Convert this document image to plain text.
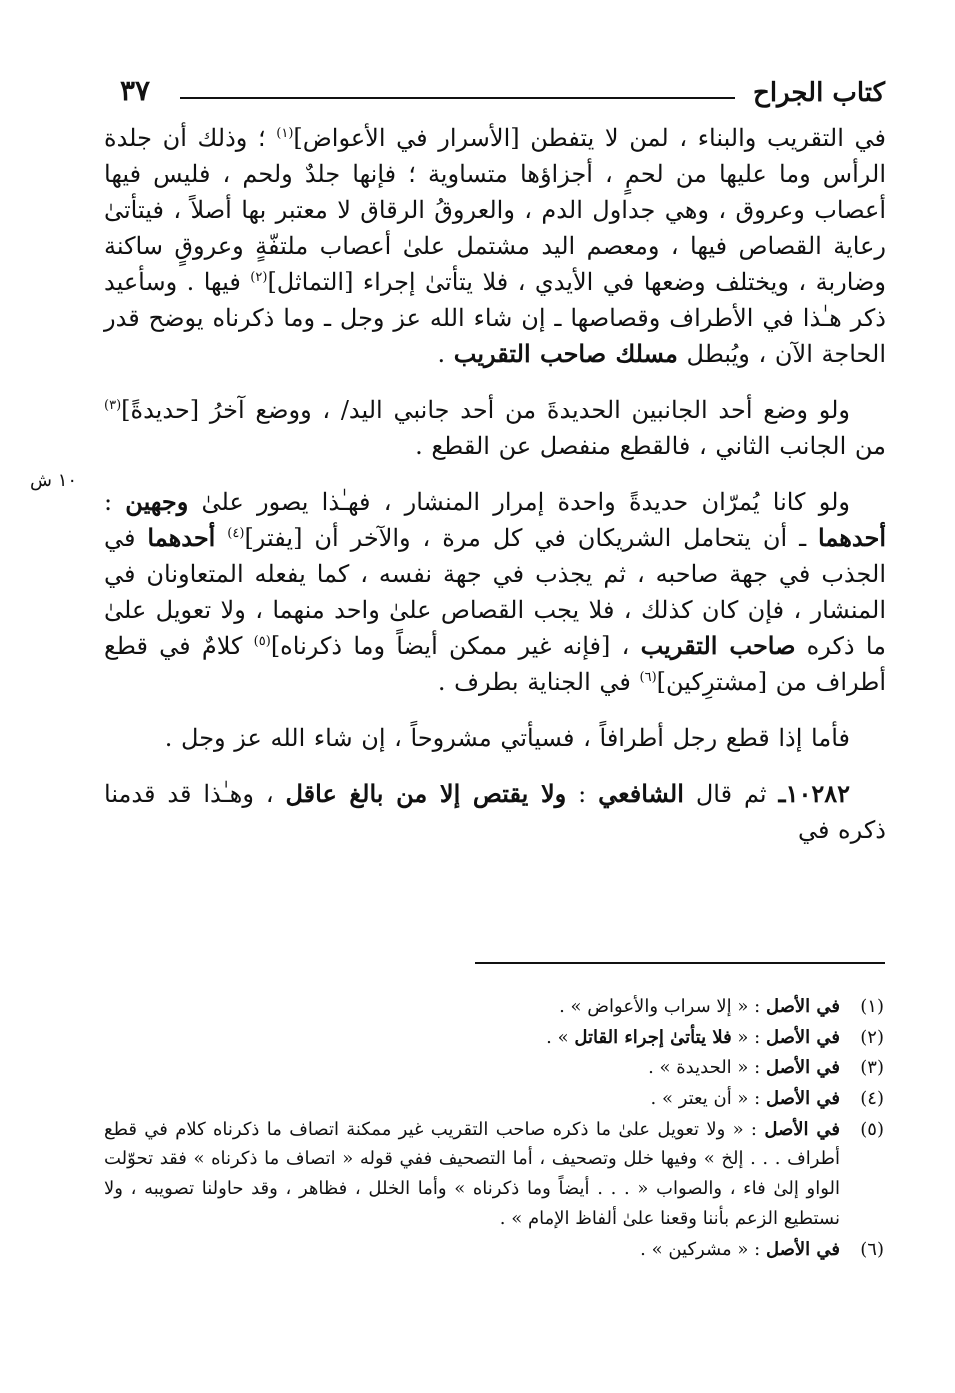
كتاب الجراح
٣٧
١٠ ش

في التقريب والبناء ، لمن لا يتفطن [الأسرار في الأعواض]$^{(١)}$ ؛ وذلك أن جلدة الرأس وما عليها من لحمٍ ، أجزاؤها متساوية ؛ فإنها جلدٌ ولحم ، فليس فيها أعصاب وعروق ، وهي جداول الدم ، والعروقُ الرقاق لا معتبر بها أصلاً ، فيتأتىٰ رعاية القصاص فيها ، ومعصم اليد مشتمل علىٰ أعصاب ملتفّةٍ وعروقٍ ساكنة وضاربة ، ويختلف وضعها في الأيدي ، فلا يتأتىٰ إجراء [التماثل]$^{(٢)}$ فيها . وسأعيد ذكر هـٰذا في الأطراف وقصاصها ـ إن شاء الله عز وجل ـ وما ذكرناه يوضح قدر الحاجة الآن ، ويُبطل مسلك صاحب التقريب .

ولو وضع أحد الجانبين الحديدةَ من أحد جانبي اليد/ ، ووضع آخرُ [حديدةً]$^{(٣)}$ من الجانب الثاني ، فالقطع منفصل عن القطع .

ولو كانا يُمرّان حديدةً واحدة إمرار المنشار ، فهـٰذا يصور علىٰ وجهين : أحدهما ـ أن يتحامل الشريكان في كل مرة ، والآخر أن [يفتر]$^{(٤)}$ أحدهما في الجذب في جهة صاحبه ، ثم يجذب في جهة نفسه ، كما يفعله المتعاونان في المنشار ، فإن كان كذلك ، فلا يجب القصاص علىٰ واحد منهما ، ولا تعويل علىٰ ما ذكره صاحب التقريب ، [فإنه غير ممكن أيضاً وما ذكرناه]$^{(٥)}$ كلامٌ في قطع أطراف من [مشترِكين]$^{(٦)}$ في الجناية بطرف .

فأما إذا قطع رجل أطرافاً ، فسيأتي مشروحاً ، إن شاء الله عز وجل .

١٠٢٨٢ـ ثم قال الشافعي : ولا يقتص إلا من بالغ عاقل ، وهـٰذا قد قدمنا ذكره في

(١)
في الأصل : « إلا سراب والأعواض » .
(٢)
في الأصل : « فلا يتأتىٰ إجراء القاتل » .
(٣)
في الأصل : « الحديدة » .
(٤)
في الأصل : « أن يعتر » .
(٥)
في الأصل : « ولا تعويل علىٰ ما ذكره صاحب التقريب غير ممكنة اتصاف ما ذكرناه كلام في قطع أطراف . . . إلخ » وفيها خلل وتصحيف ، أما التصحيف ففي قوله « اتصاف ما ذكرناه » فقد تحوّلت الواو إلىٰ فاء ، والصواب « . . . أيضاً وما ذكرناه » وأما الخلل ، فظاهر ، وقد حاولنا تصويبه ، ولا نستطيع الزعم بأننا وقعنا علىٰ ألفاظ الإمام » .
(٦)
في الأصل : « مشركين » .
